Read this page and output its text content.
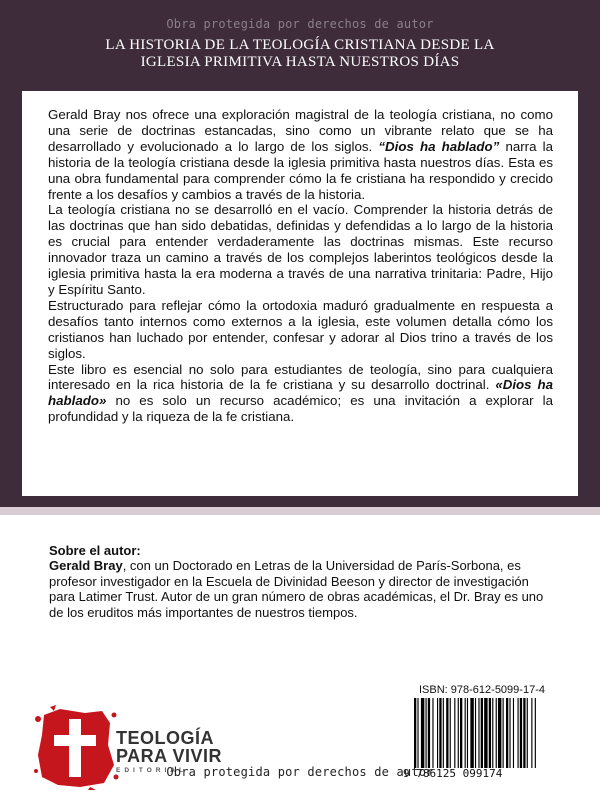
Obra protegida por derechos de autor
LA HISTORIA DE LA TEOLOGÍA CRISTIANA DESDE LA
IGLESIA PRIMITIVA HASTA NUESTROS DÍAS

Gerald Bray nos ofrece una exploración magistral de la teología cristiana, no como una serie de doctrinas estancadas, sino como un vibrante relato que se ha desarrollado y evolucionado a lo largo de los siglos. “Dios ha hablado” narra la historia de la teología cristiana desde la iglesia primitiva hasta nuestros días. Esta es una obra fundamental para comprender cómo la fe cristiana ha respondido y crecido frente a los desafíos y cambios a través de la historia.

La teología cristiana no se desarrolló en el vacío. Comprender la historia detrás de las doctrinas que han sido debatidas, definidas y defendidas a lo largo de la historia es crucial para entender verdaderamente las doctrinas mismas. Este recurso innovador traza un camino a través de los complejos laberintos teológicos desde la iglesia primitiva hasta la era moderna a través de una narrativa trinitaria: Padre, Hijo y Espíritu Santo.

Estructurado para reflejar cómo la ortodoxia maduró gradualmente en respuesta a desafíos tanto internos como externos a la iglesia, este volumen detalla cómo los cristianos han luchado por entender, confesar y adorar al Dios trino a través de los siglos.

Este libro es esencial no solo para estudiantes de teología, sino para cualquiera interesado en la rica historia de la fe cristiana y su desarrollo doctrinal. «Dios ha hablado» no es solo un recurso académico; es una invitación a explorar la profundidad y la riqueza de la fe cristiana.

Sobre el autor:

Gerald Bray, con un Doctorado en Letras de la Universidad de París-Sorbona, es profesor investigador en la Escuela de Divinidad Beeson y director de investigación para Latimer Trust. Autor de un gran número de obras académicas, el Dr. Bray es uno de los eruditos más importantes de nuestros tiempos.

TEOLOGÍA
PARA VIVIR
EDITORIAL
ISBN: 978-612-5099-17-4
9 786125 099174
Obra protegida por derechos de autor
